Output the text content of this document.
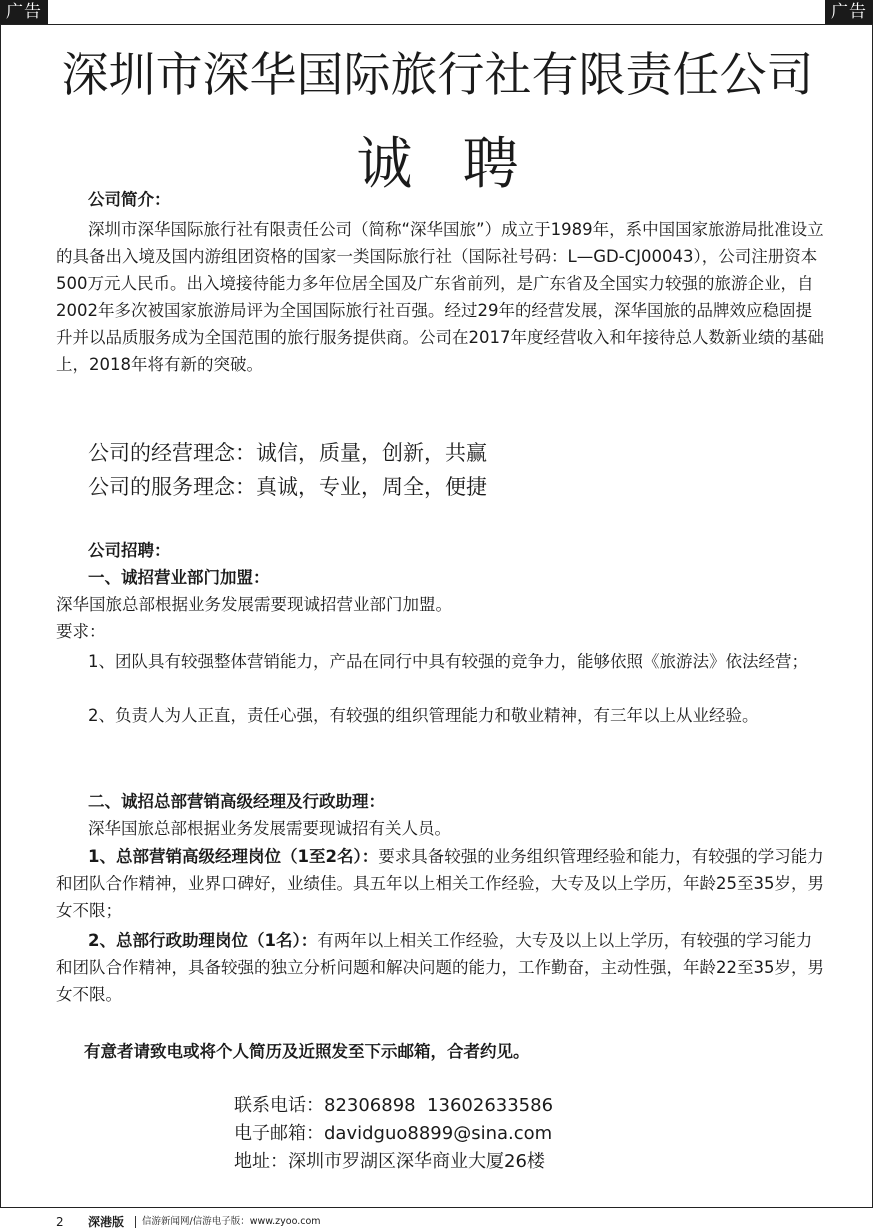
广告	广告
深圳市深华国际旅行社有限责任公司
诚聘
公司简介：
深圳市深华国际旅行社有限责任公司（简称“深华国旅”）成立于1989年，系中国国家旅游局批准设立的具备出入境及国内游组团资格的国家一类国际旅行社（国际社号码：L—GD-CJ00043），公司注册资本500万元人民币。出入境接待能力多年位居全国及广东省前列，是广东省及全国实力较强的旅游企业，自2002年多次被国家旅游局评为全国国际旅行社百强。经过29年的经营发展，深华国旅的品牌效应稳固提升并以品质服务成为全国范围的旅行服务提供商。公司在2017年度经营收入和年接待总人数新业绩的基础上，2018年将有新的突破。
公司的经营理念：诚信，质量，创新，共赢
公司的服务理念：真诚，专业，周全，便捷
公司招聘：
一、诚招营业部门加盟：
深华国旅总部根据业务发展需要现诚招营业部门加盟。
要求：
1、团队具有较强整体营销能力，产品在同行中具有较强的竞争力，能够依照《旅游法》依法经营；
2、负责人为人正直，责任心强，有较强的组织管理能力和敬业精神，有三年以上从业经验。
二、诚招总部营销高级经理及行政助理：
深华国旅总部根据业务发展需要现诚招有关人员。
1、总部营销高级经理岗位（1至2名）：要求具备较强的业务组织管理经验和能力，有较强的学习能力和团队合作精神，业界口碑好，业绩佳。具五年以上相关工作经验，大专及以上学历，年龄25至35岁，男女不限；
2、总部行政助理岗位（1名）：有两年以上相关工作经验，大专及以上以上学历，有较强的学习能力和团队合作精神，具备较强的独立分析问题和解决问题的能力，工作勤奋，主动性强，年龄22至35岁，男女不限。
有意者请致电或将个人简历及近照发至下示邮箱，合者约见。
联系电话：82306898  13602633586
电子邮箱：davidguo8899@sina.com
地址：深圳市罗湖区深华商业大厦26楼
2 深港版 信游新闻网/信游电子版：www.zyoo.com
